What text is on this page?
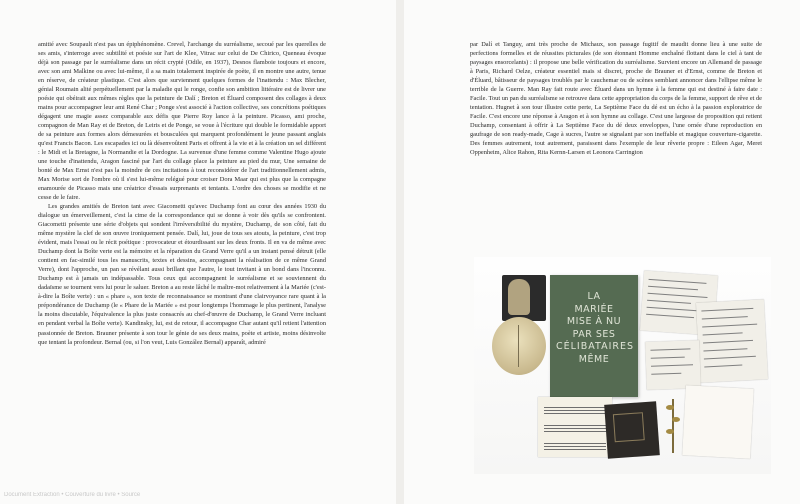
amitié avec Soupault n'est pas un épiphénomène. Crevel, l'archange du surréalisme, secoué par les querelles de ses amis, s'interroge avec subtilité et poésie sur l'art de Klee, Vitrac sur celui de De Chirico, Queneau évoque déjà son passage par le surréalisme dans un récit crypté (Odile, en 1937), Desnos flamboie toujours et encore, avec son ami Malkine ou avec lui-même, il a sa main totalement inspirée de poète, il en montre une autre, tenue en réserve, de créateur plastique. C'est alors que surviennent quelques formes de l'inattendu : Max Blecher, génial Roumain alité perpétuellement par la maladie qui le ronge, confie son ambition littéraire est de livrer une poésie qui obéirait aux mêmes règles que la peinture de Dalí ; Breton et Éluard composent des collages à deux mains pour accompagner leur ami René Char ; Ponge s'est associé à l'action collective, ses concrétions poétiques dégagent une magie assez comparable aux défis que Pierre Roy lance à la peinture. Picasso, ami proche, compagnon de Man Ray et de Breton, de Leiris et de Ponge, se voue à l'écriture qui double le formidable apport de sa peinture aux formes alors démesurées et bousculées qui marquent profondément le jeune passant anglais qu'est Francis Bacon. Les escapades ici ou là désenvoûtent Paris et offrent à la vie et à la création un sel différent : le Midi et la Bretagne, la Normandie et la Dordogne. La survenue d'une femme comme Valentine Hugo ajoute une touche d'inattendu, Aragon fasciné par l'art du collage place la peinture au pied du mur, Une semaine de bonté de Max Ernst n'est pas la moindre de ces incitations à tout reconsidérer de l'art traditionnellement admis, Max Morise sort de l'ombre où il s'est lui-même relégué pour croiser Dora Maar qui est plus que la compagne enamourée de Picasso mais une créatrice d'essais surprenants et tentants. L'ordre des choses se modifie et ne cesse de le faire.

Les grandes amitiés de Breton tant avec Giacometti qu'avec Duchamp font au cœur des années 1930 du dialogue un émerveillement, c'est la cime de la correspondance qui se donne à voir dès qu'ils se confrontent. Giacometti présente une série d'objets qui sondent l'irréversibilité du mystère, Duchamp, de son côté, fait du même mystère la clef de son œuvre ironiquement pensée. Dalí, lui, joue de tous ses atouts, la peinture, c'est trop évident, mais l'essai ou le récit poétique : provocateur et étourdissant sur les deux fronts. Il en va de même avec Duchamp dont la Boîte verte est la mémoire et la réparation du Grand Verre qu'il a un instant pensé détruit (elle contient en fac-similé tous les manuscrits, textes et dessins, accompagnant la réalisation de ce même Grand Verre), dont l'approche, un pan se révélant aussi brillant que l'autre, le tout invitant à un bond dans l'inconnu. Duchamp est à jamais un indépassable. Tous ceux qui accompagnent le surréalisme et se souviennent du dadaïsme se tournent vers lui pour le saluer. Breton a au reste lâché le maître-mot relativement à la Mariée (c'est-à-dire la Boîte verte) : un « phare », son texte de reconnaissance se montrant d'une clairvoyance rare quant à la prépondérance de Duchamp (le « Phare de la Mariée » est pour longtemps l'hommage le plus pertinent, l'analyse la moins discutable, l'équivalence la plus juste consacrés au chef-d'œuvre de Duchamp, le Grand Verre incluant en pendant verbal la Boîte verte). Kandinsky, lui, est de retour, il accompagne Char autant qu'il retient l'attention passionnée de Breton. Brauner présente à son tour le génie de ses deux mains, poète et artiste, moins désinvolte que tentant la profondeur. Bernal (ou, si l'on veut, Luis González Bernal) apparaît, admiré

par Dalí et Tanguy, ami très proche de Michaux, son passage fugitif de maudit donne lieu à une suite de perfections formelles et de réussites picturales (de son étonnant Homme enchaîné flottant dans le ciel à tant de paysages ensorcelants) : il propose une belle vérification du surréalisme. Survient encore un Allemand de passage à Paris, Richard Oelze, créateur essentiel mais si discret, proche de Brauner et d'Ernst, comme de Breton et d'Éluard, bâtisseur de paysages troublés par le cauchemar ou de scènes semblant annoncer dans l'ellipse même le terrible de la Guerre. Man Ray fait route avec Éluard dans un hymne à la femme qui est destiné à faire date : Facile. Tout un pan du surréalisme se retrouve dans cette appropriation du corps de la femme, support de rêve et de tentation. Hugnet à son tour illustre cette perte, La Septième Face du dé est un écho à la passion exploratrice de Facile. C'est encore une réponse à Aragon et à son hymne au collage. C'est une largesse de proposition qui retient Duchamp, consentant à offrir à La Septième Face du dé deux enveloppes, l'une ornée d'une reproduction en gaufrage de son ready-made, Cage à sucres, l'autre se signalant par son ineffable et magique couverture-cigarette. Des femmes autrement, tout autrement, paraissent dans l'exemple de leur rêverie propre : Eileen Agar, Meret Oppenheim, Alice Rahon, Rita Kernn-Larsen et Leonora Carrington

LA
MARIÉE
MISE À NU
PAR SES
CÉLIBATAIRES
MÊME
Document Extraction • Couverture du livre • Source
